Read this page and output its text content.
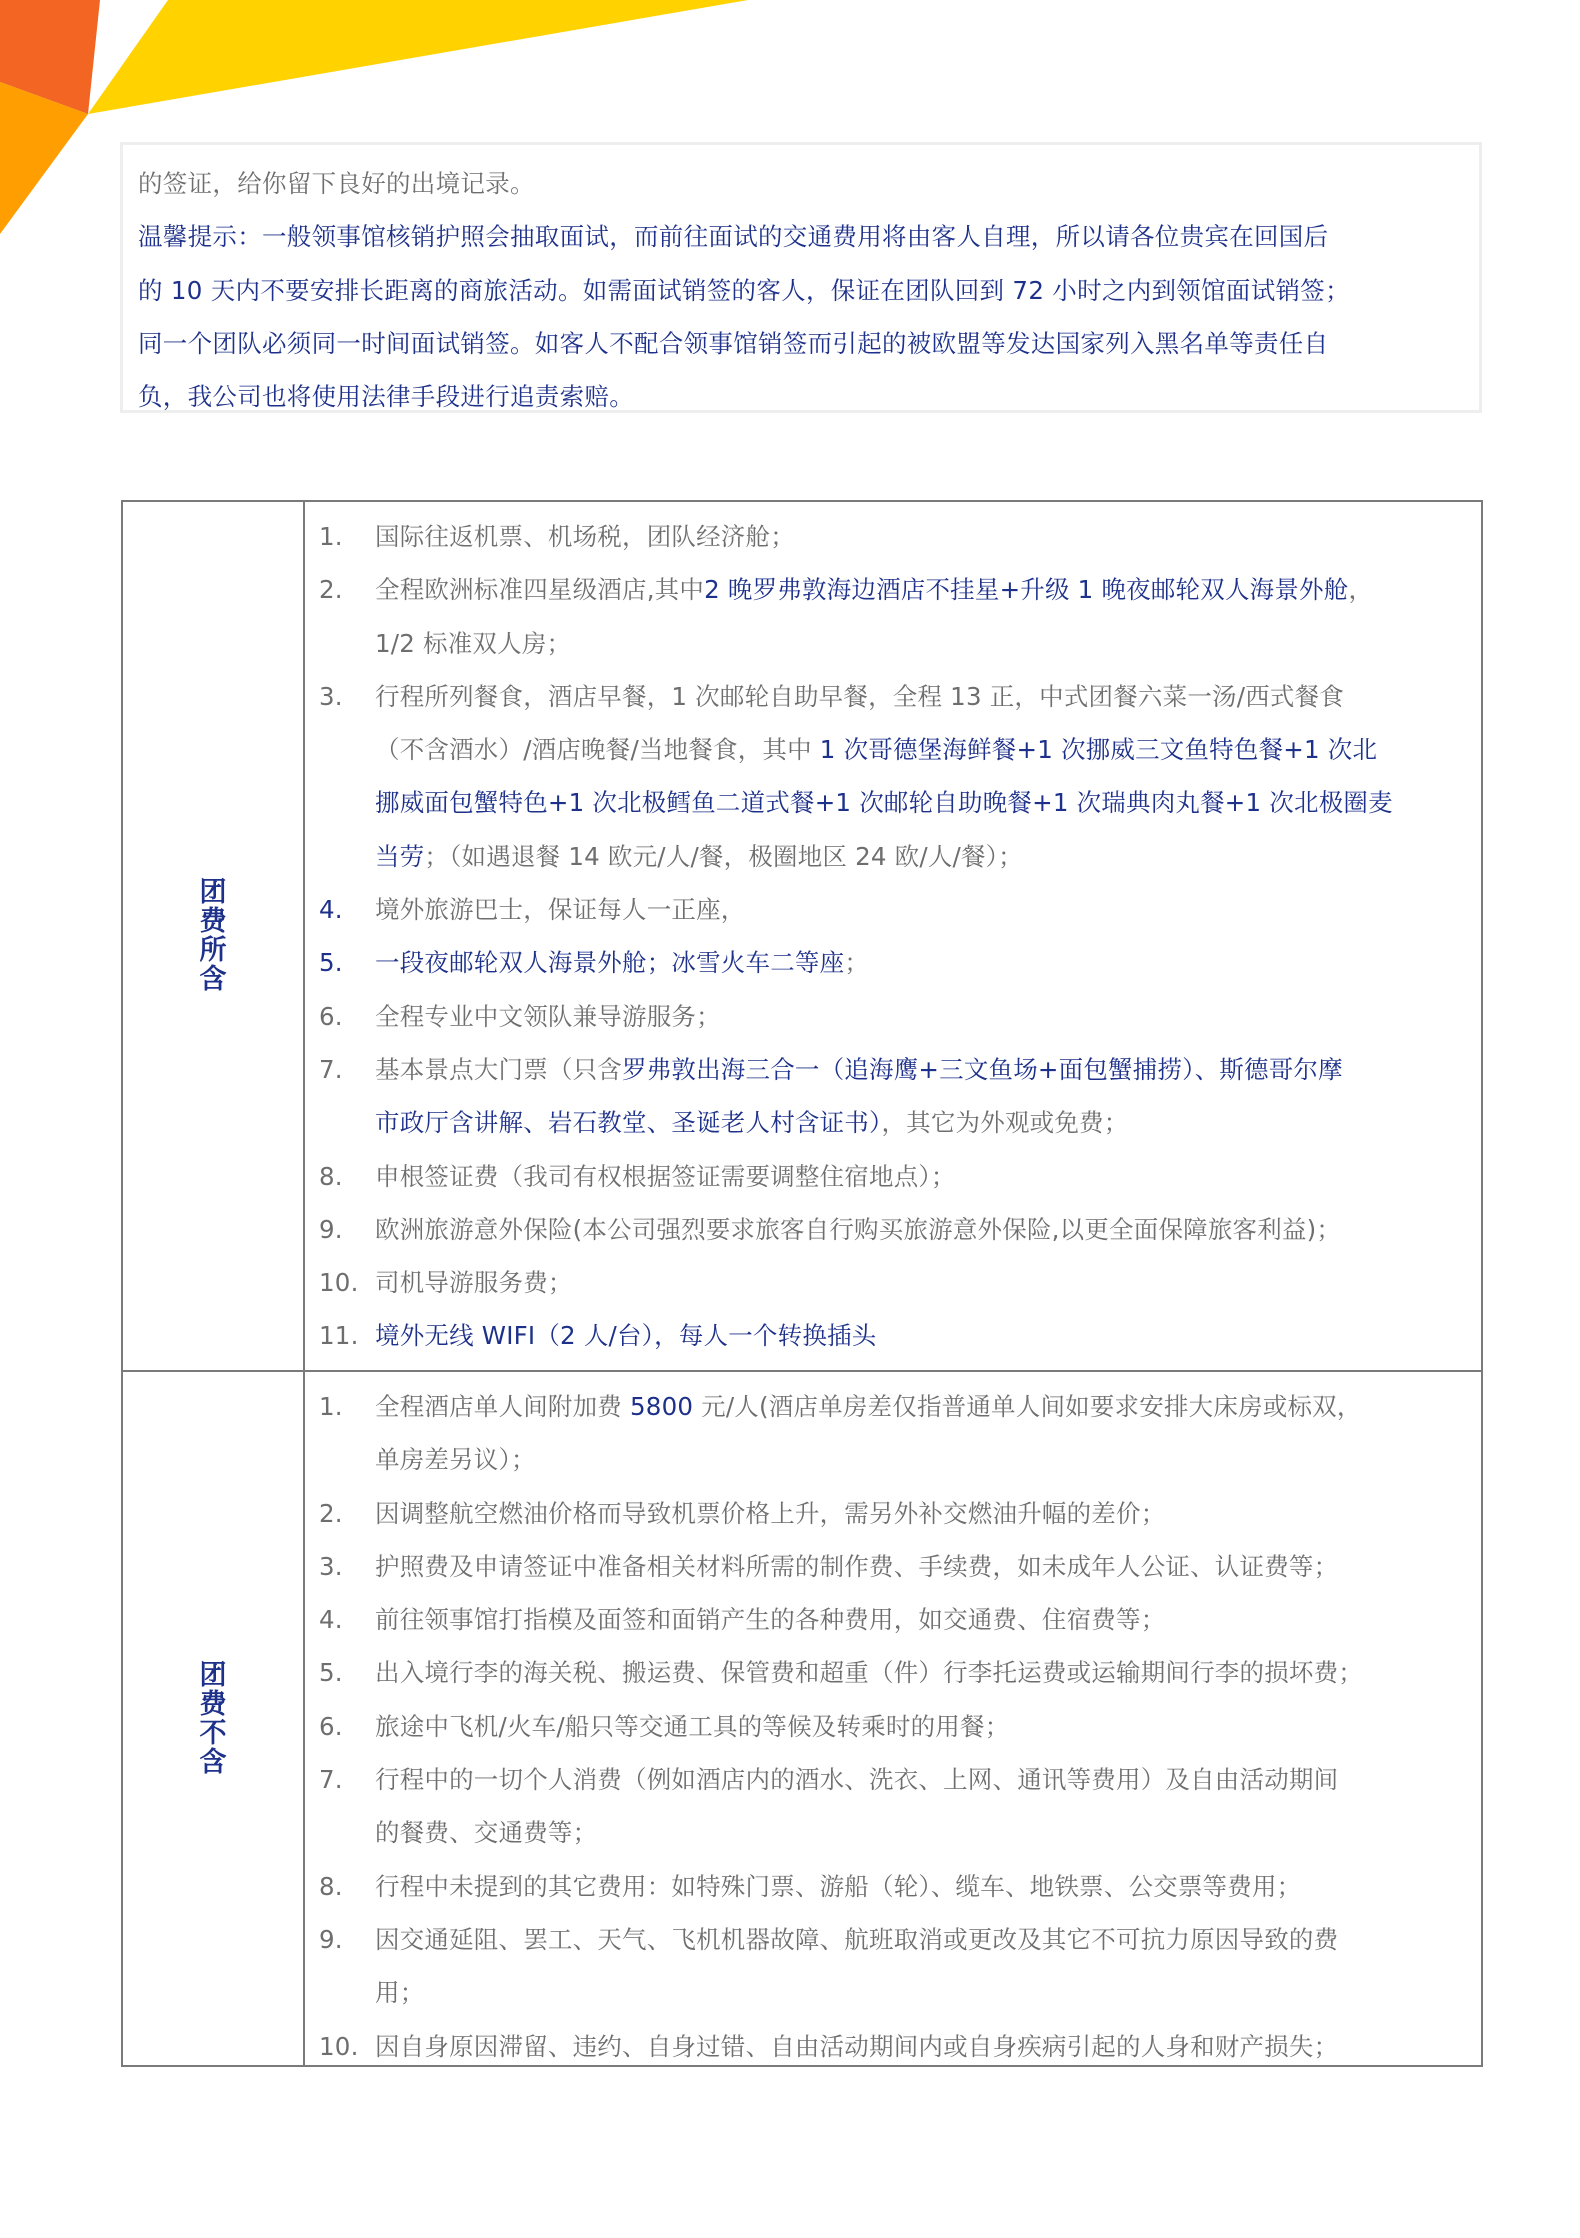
的签证，给你留下良好的出境记录。

温馨提示：一般领事馆核销护照会抽取面试，而前往面试的交通费用将由客人自理，所以请各位贵宾在回国后

的 10 天内不要安排长距离的商旅活动。如需面试销签的客人，保证在团队回到 72 小时之内到领馆面试销签；

同一个团队必须同一时间面试销签。如客人不配合领事馆销签而引起的被欧盟等发达国家列入黑名单等责任自

负，我公司也将使用法律手段进行追责索赔。

团费所含	
1.	国际往返机票、机场税，团队经济舱；
2.	全程欧洲标准四星级酒店,其中2 晚罗弗敦海边酒店不挂星+升级 1 晚夜邮轮双人海景外舱，
1/2 标准双人房；
3.	行程所列餐食，酒店早餐，1 次邮轮自助早餐，全程 13 正，中式团餐六菜一汤/西式餐食
（不含酒水）/酒店晚餐/当地餐食，其中 1 次哥德堡海鲜餐+1 次挪威三文鱼特色餐+1 次北
挪威面包蟹特色+1 次北极鳕鱼二道式餐+1 次邮轮自助晚餐+1 次瑞典肉丸餐+1 次北极圈麦
当劳；（如遇退餐 14 欧元/人/餐，极圈地区 24 欧/人/餐）；
4.	境外旅游巴士，保证每人一正座，
5.	一段夜邮轮双人海景外舱；冰雪火车二等座；
6.	全程专业中文领队兼导游服务；
7.	基本景点大门票（只含罗弗敦出海三合一（追海鹰+三文鱼场+面包蟹捕捞）、斯德哥尔摩
市政厅含讲解、岩石教堂、圣诞老人村含证书），其它为外观或免费；
8.	申根签证费（我司有权根据签证需要调整住宿地点）；
9.	欧洲旅游意外保险(本公司强烈要求旅客自行购买旅游意外保险,以更全面保障旅客利益)；
10. 司机导游服务费；
11. 境外无线 WIFI（2 人/台），每人一个转换插头

团费不含	
1.	全程酒店单人间附加费 5800 元/人(酒店单房差仅指普通单人间如要求安排大床房或标双，
单房差另议）；
2.	因调整航空燃油价格而导致机票价格上升，需另外补交燃油升幅的差价；
3.	护照费及申请签证中准备相关材料所需的制作费、手续费，如未成年人公证、认证费等；
4.	前往领事馆打指模及面签和面销产生的各种费用，如交通费、住宿费等；
5.	出入境行李的海关税、搬运费、保管费和超重（件）行李托运费或运输期间行李的损坏费；
6.	旅途中飞机/火车/船只等交通工具的等候及转乘时的用餐；
7.	行程中的一切个人消费（例如酒店内的酒水、洗衣、上网、通讯等费用）及自由活动期间
的餐费、交通费等；
8.	行程中未提到的其它费用：如特殊门票、游船（轮）、缆车、地铁票、公交票等费用；
9.	因交通延阻、罢工、天气、飞机机器故障、航班取消或更改及其它不可抗力原因导致的费
用；
10. 因自身原因滞留、违约、自身过错、自由活动期间内或自身疾病引起的人身和财产损失；
